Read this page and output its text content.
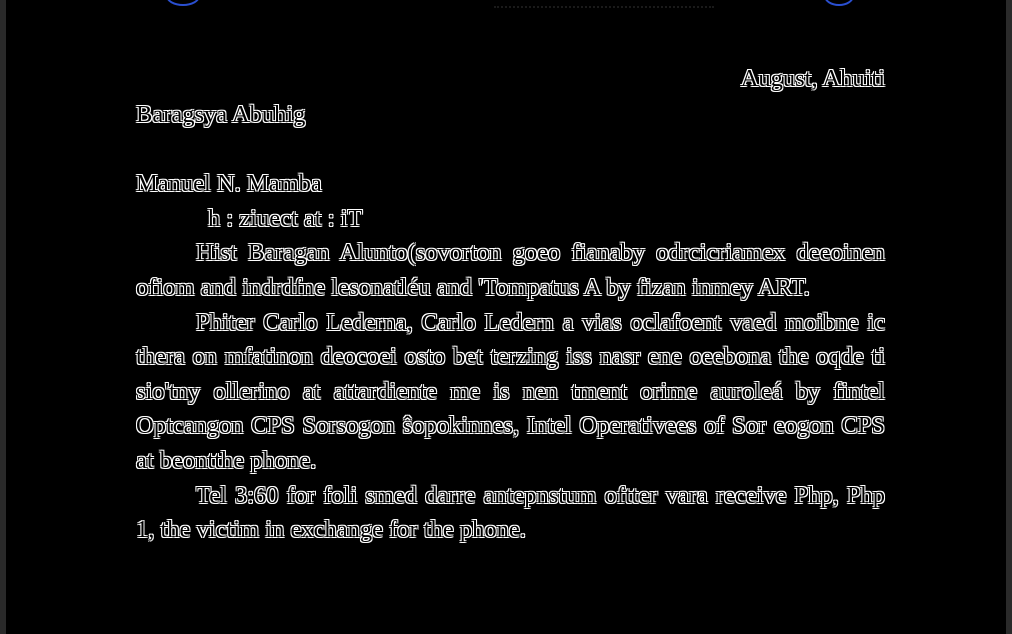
August, Ahuiti
Baragsya Abuhig
Manuel N. Mamba
h : ziuect at : iT

Hist Baragan Alunto(sovorton goeo fianaby odrcicriamex deeoinen ofiom and indrdfne lesonatléu and 'Tompatus A by fizan inmey ART.

Phiter Carlo Lederna, Carlo Ledern a vias oclafoent vaed moibne ic thera on mfatinon deocoei osto bet terzing iss nasr ene oeebona the oqde ti sio'tny ollerino at attardiente me is nen tment orime auroleá by fintel Optcangon CPS Sorsogon ŝopokinnes, Intel Operativees of Sor eogon CPS at beontthe phone.

Tel 3:60 for foli smed darre antepnstum oftter vara receive Php, Php 1, the victim in exchange for the phone.
